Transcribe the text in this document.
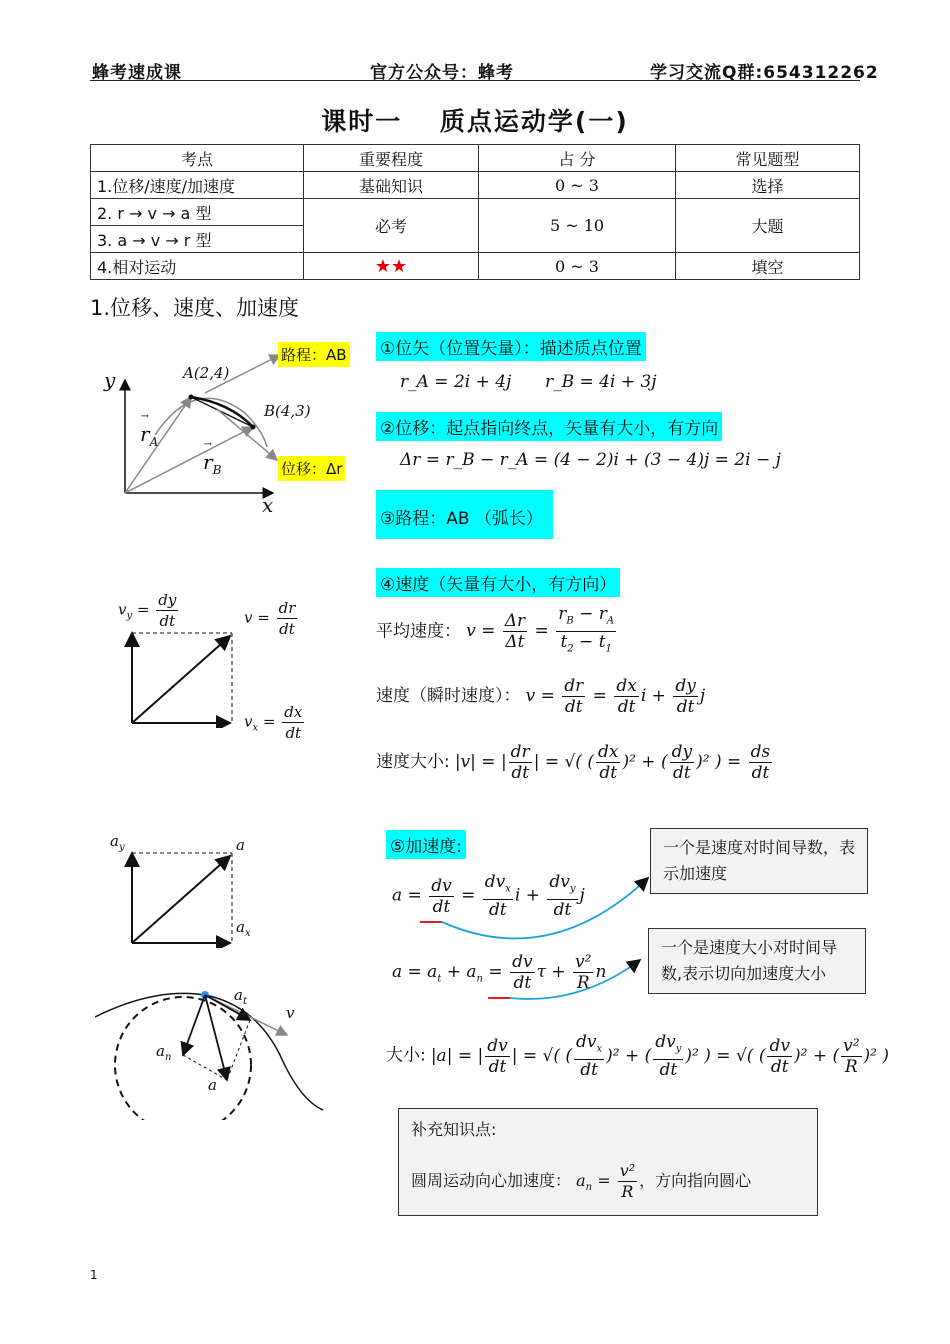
蜂考速成课	官方公众号：蜂考	学习交流Q群:654312262
课时一　 质点运动学(一)
考点	重要程度	占 分	常见题型
1.位移/速度/加速度	基础知识	0 ~ 3	选择
2. r → v → a 型	必考	5 ~ 10	大题
3. a → v → r 型			
4.相对运动	★★	0 ~ 3	填空
1.位移、速度、加速度
y
x
A(2,4)
B(4,3)
→ $r_A$
→ $r_B$
路程：AB
位移：Δr
①位矢（位置矢量）：描述质点位置
r_A = 2i + 4j r_B = 4i + 3j
②位移：起点指向终点，矢量有大小，有方向
Δr = r_B − r_A = (4 − 2)i + (3 − 4)j = 2i − j
③路程：AB （弧长）
$v_y = \frac{dy}{dt}$	$v = \frac{dr}{dt}$
$v_x = \frac{dx}{dt}$
④速度（矢量有大小，有方向）
平均速度： $v = \frac{\Delta r}{\Delta t} = \frac{r_B - r_A}{t_2 - t_1}$
速度（瞬时速度）： $v = \frac{dr}{dt} = \frac{dx}{dt}$ $i + \frac{dy}{dt}$ j
速度大小: |v| = | $\frac{dr}{dt}$ | = √( ( $\frac{dx}{dt} )^2$ + ( $\frac{dy}{dt} )^2$ ) = $\frac{ds}{dt}$
$a_y$	a
$a_x$
$a_t$
v
$a_n$
a
⑤加速度:
$a = \frac{dv}{dt} = \frac{dv_x}{dt}$ $i + \frac{dv_y}{dt}$ j
$a = a_t + a_n = \frac{dv}{dt}$ $\tau + \frac{\text{v²}}{R}$ n
大小: |a| = | $\frac{dv}{dt}$ | = √( ( $\frac{dv_x}{dt} )^2$ + ( $\frac{dv_y}{dt} )^2$ ) = √( ( $\frac{dv}{dt} )^2$ + ( $\frac{\text{v²}}{R} )^2$ )
一个是速度对时间导数，表示加速度
一个是速度大小对时间导数,表示切向加速度大小
补充知识点:
圆周运动向心加速度： $a_n = \frac{\text{v²}}{R}$ ，方向指向圆心
1
